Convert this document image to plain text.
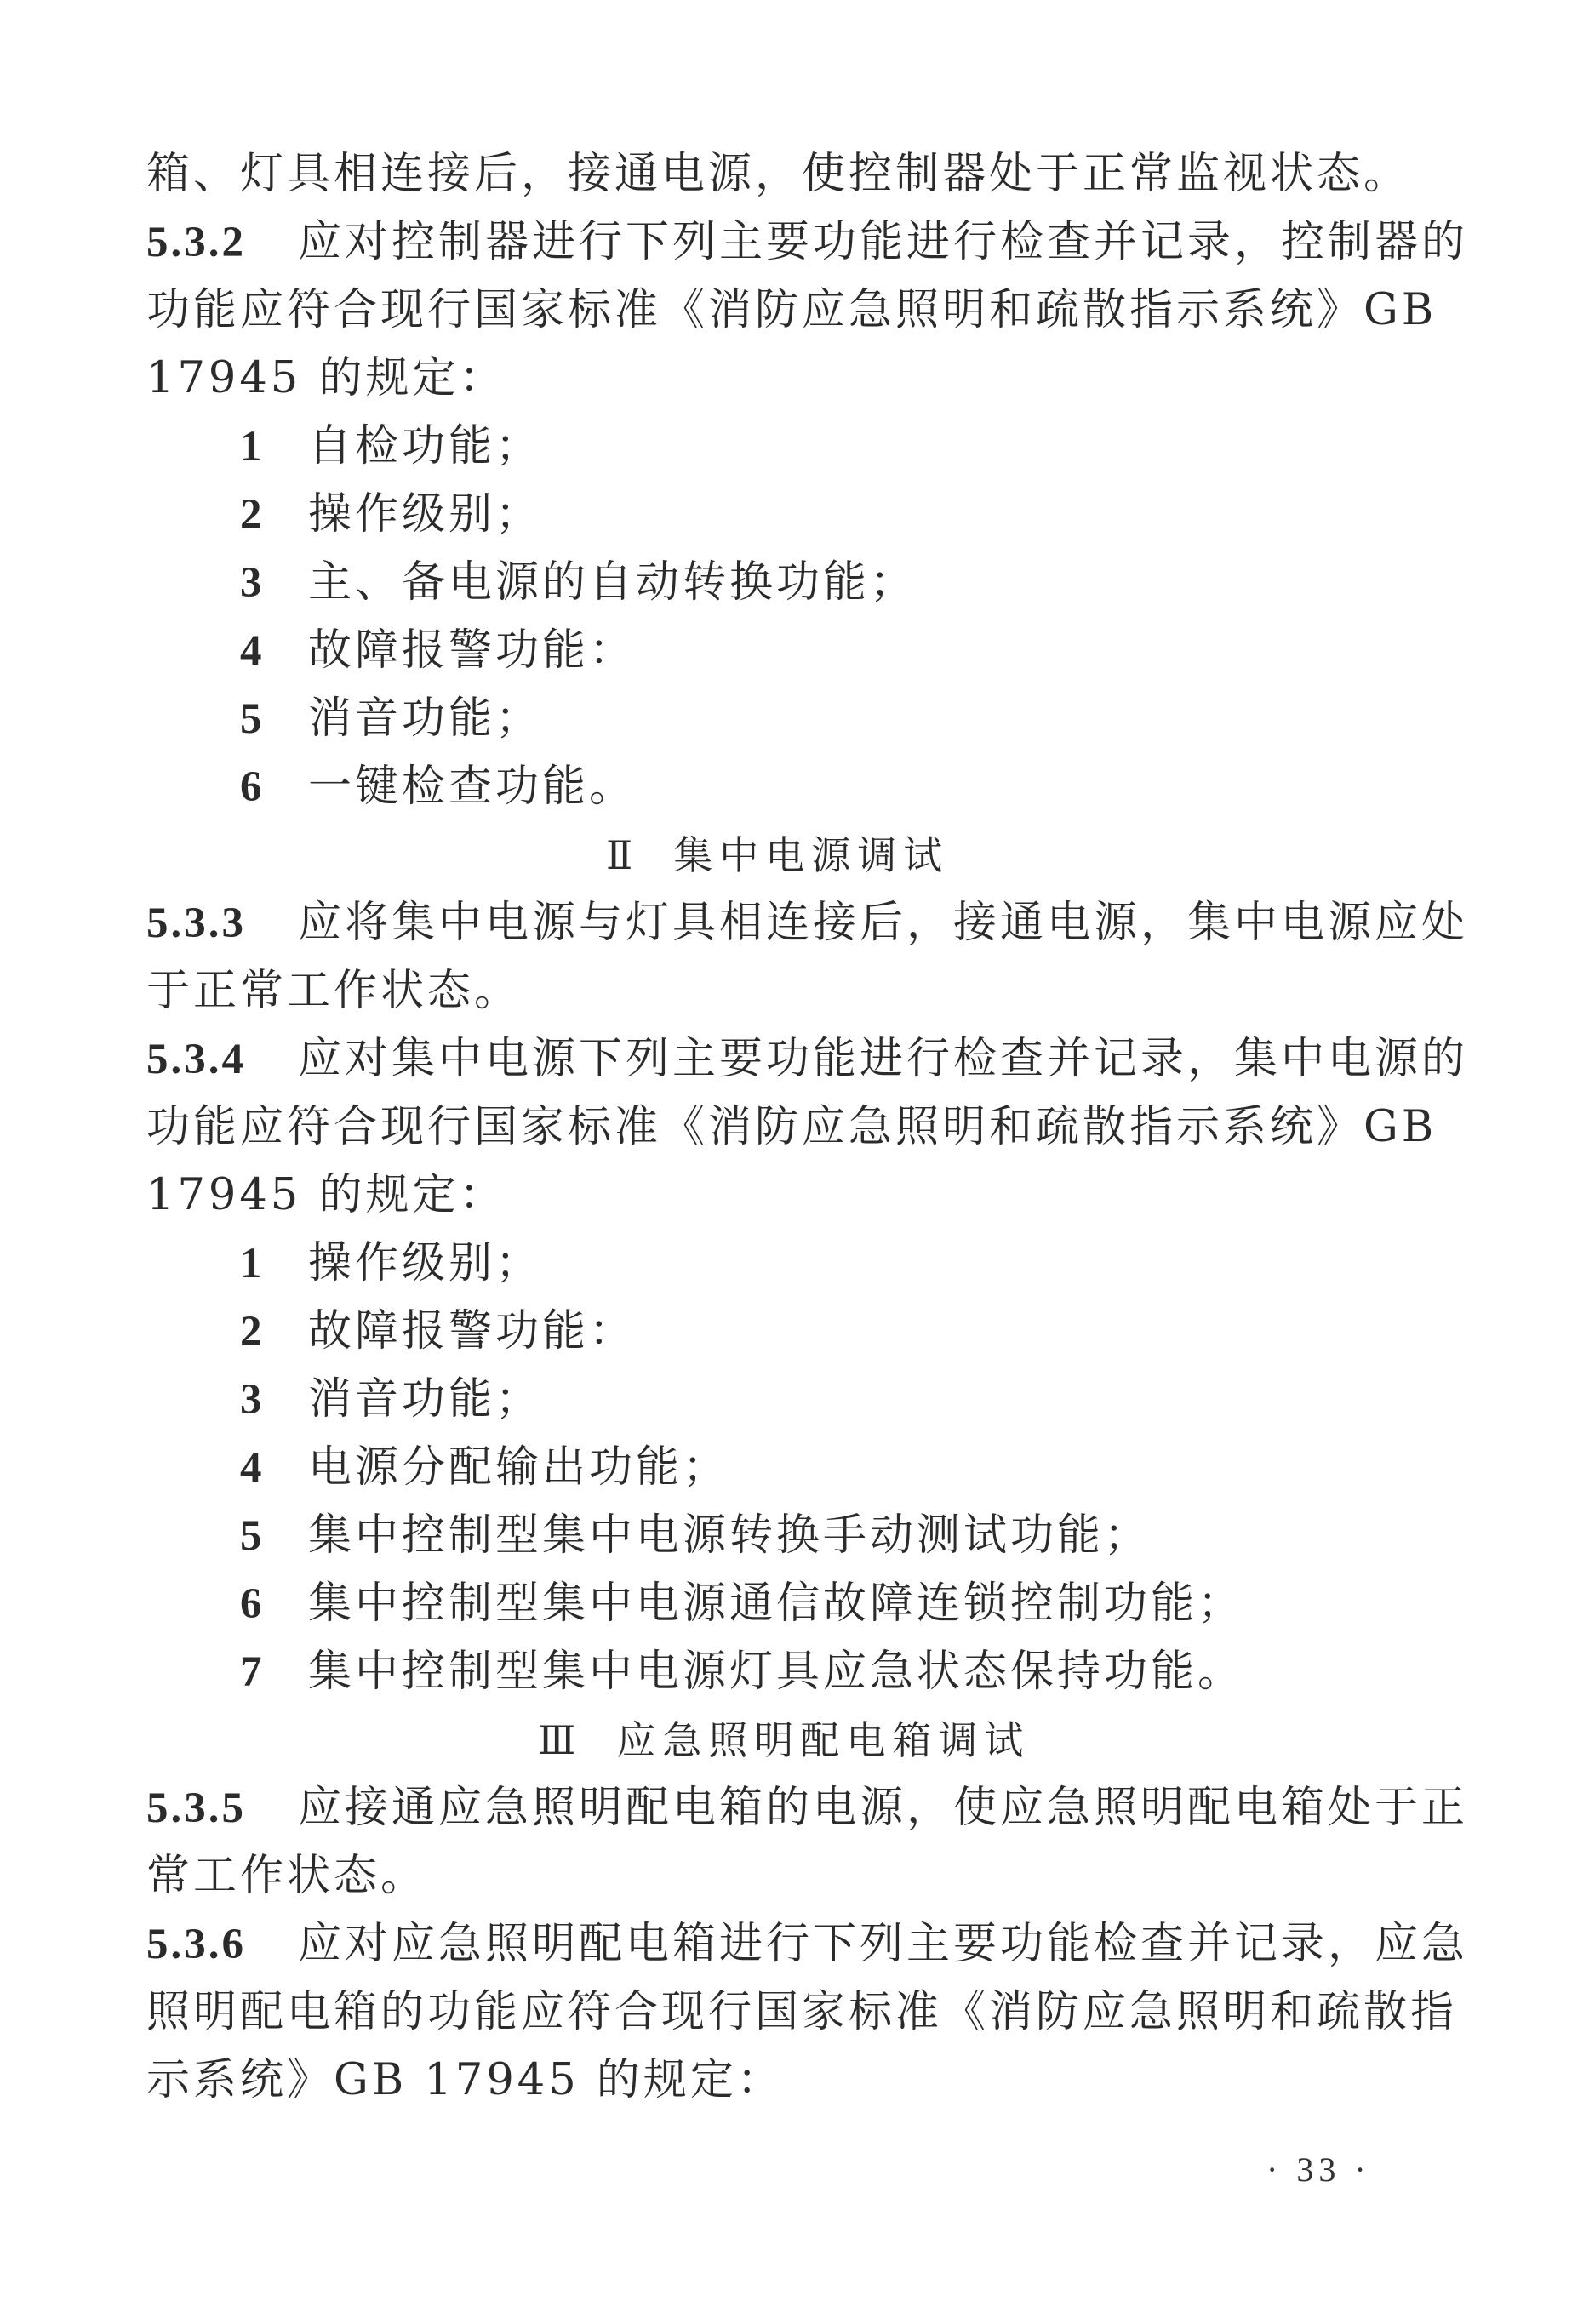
箱、灯具相连接后，接通电源，使控制器处于正常监视状态。
5.3.2 应对控制器进行下列主要功能进行检查并记录，控制器的
功能应符合现行国家标准《消防应急照明和疏散指示系统》GB
17945 的规定：
1 自检功能；
2 操作级别；
3 主、备电源的自动转换功能；
4 故障报警功能：
5 消音功能；
6 一键检查功能。
Ⅱ 集中电源调试
5.3.3 应将集中电源与灯具相连接后，接通电源，集中电源应处
于正常工作状态。
5.3.4 应对集中电源下列主要功能进行检查并记录，集中电源的
功能应符合现行国家标准《消防应急照明和疏散指示系统》GB
17945 的规定：
1 操作级别；
2 故障报警功能：
3 消音功能；
4 电源分配输出功能；
5 集中控制型集中电源转换手动测试功能；
6 集中控制型集中电源通信故障连锁控制功能；
7 集中控制型集中电源灯具应急状态保持功能。
Ⅲ 应急照明配电箱调试
5.3.5 应接通应急照明配电箱的电源，使应急照明配电箱处于正
常工作状态。
5.3.6 应对应急照明配电箱进行下列主要功能检查并记录，应急
照明配电箱的功能应符合现行国家标准《消防应急照明和疏散指
示系统》GB 17945 的规定：
· 33 ·
